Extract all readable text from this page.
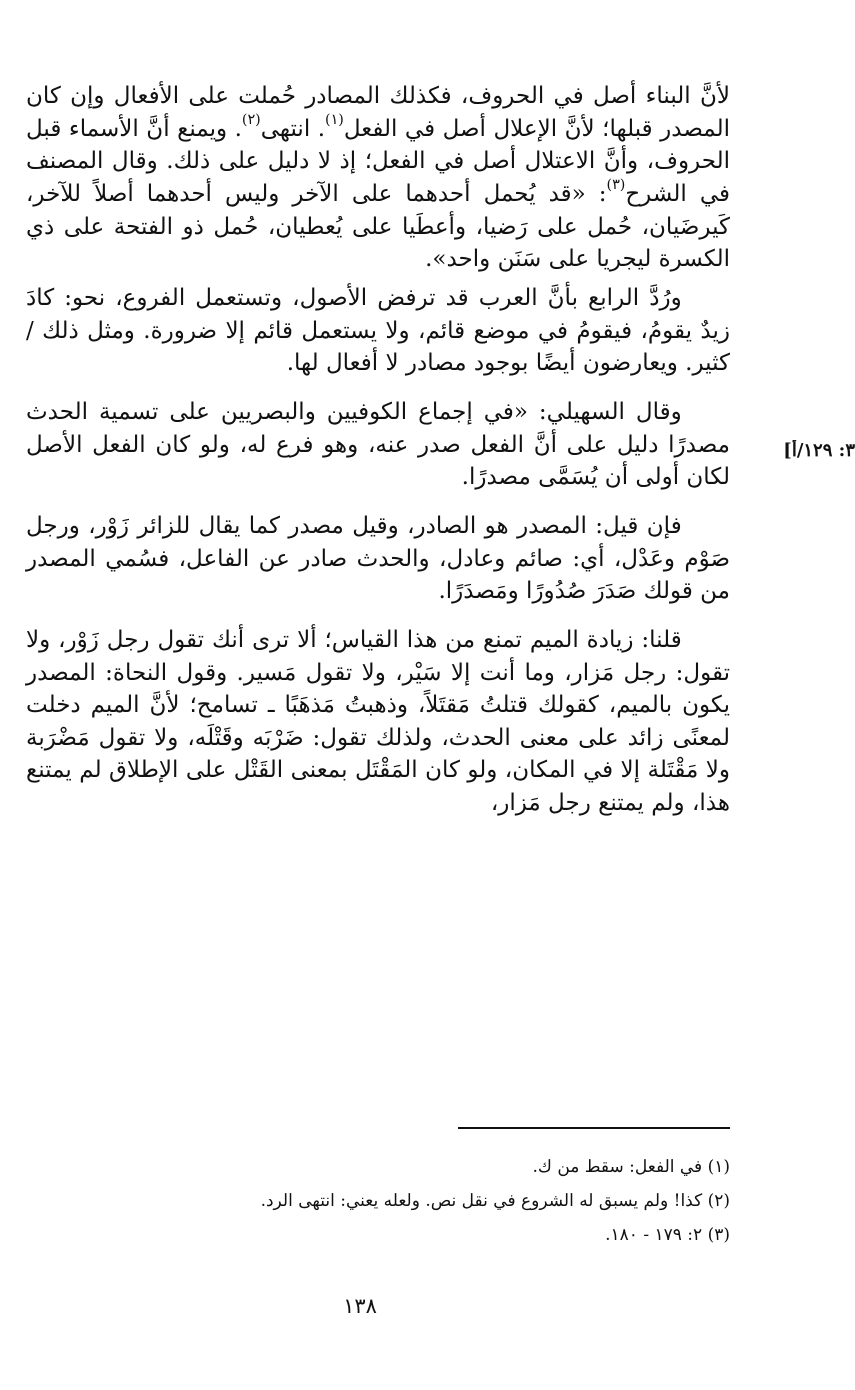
لأنَّ البناء أصل في الحروف، فكذلك المصادر حُملت على الأفعال وإن كان المصدر قبلها؛ لأنَّ الإعلال أصل في الفعل$^{(١)}$. انتهى$^{(٢)}$. ويمنع أنَّ الأسماء قبل الحروف، وأنَّ الاعتلال أصل في الفعل؛ إذ لا دليل على ذلك. وقال المصنف في الشرح$^{(٣)}$: «قد يُحمل أحدهما على الآخر وليس أحدهما أصلاً للآخر، كَيرضَيان، حُمل على رَضيا، وأعطَيا على يُعطيان، حُمل ذو الفتحة على ذي الكسرة ليجريا على سَنَن واحد».

ورُدَّ الرابع بأنَّ العرب قد ترفض الأصول، وتستعمل الفروع، نحو: كادَ زيدٌ يقومُ، فيقومُ في موضع قائم، ولا يستعمل قائم إلا ضرورة. ومثل ذلك /كثير. ويعارضون أيضًا بوجود مصادر لا أفعال لها.

وقال السهيلي: «في إجماع الكوفيين والبصريين على تسمية الحدث مصدرًا دليل على أنَّ الفعل صدر عنه، وهو فرع له، ولو كان الفعل الأصل لكان أولى أن يُسَمَّى مصدرًا.

فإن قيل: المصدر هو الصادر، وقيل مصدر كما يقال للزائر زَوْر، ورجل صَوْم وعَدْل، أي: صائم وعادل، والحدث صادر عن الفاعل، فسُمي المصدر من قولك صَدَرَ صُدُورًا ومَصدَرًا.

قلنا: زيادة الميم تمنع من هذا القياس؛ ألا ترى أنك تقول رجل زَوْر، ولا تقول: رجل مَزار، وما أنت إلا سَيْر، ولا تقول مَسير. وقول النحاة: المصدر يكون بالميم، كقولك قتلتُ مَقتَلاً، وذهبتُ مَذهَبًا ـ تسامح؛ لأنَّ الميم دخلت لمعنًى زائد على معنى الحدث، ولذلك تقول: ضَرْبَه وقَتْلَه، ولا تقول مَضْرَبة ولا مَقْتَلة إلا في المكان، ولو كان المَقْتَل بمعنى القَتْل على الإطلاق لم يمتنع هذا، ولم يمتنع رجل مَزار،

٣: ١٢٩/أ]

(١) في الفعل: سقط من ك.

(٢) كذا! ولم يسبق له الشروع في نقل نص. ولعله يعني: انتهى الرد.

(٣) ٢: ١٧٩ - ١٨٠.

١٣٨
